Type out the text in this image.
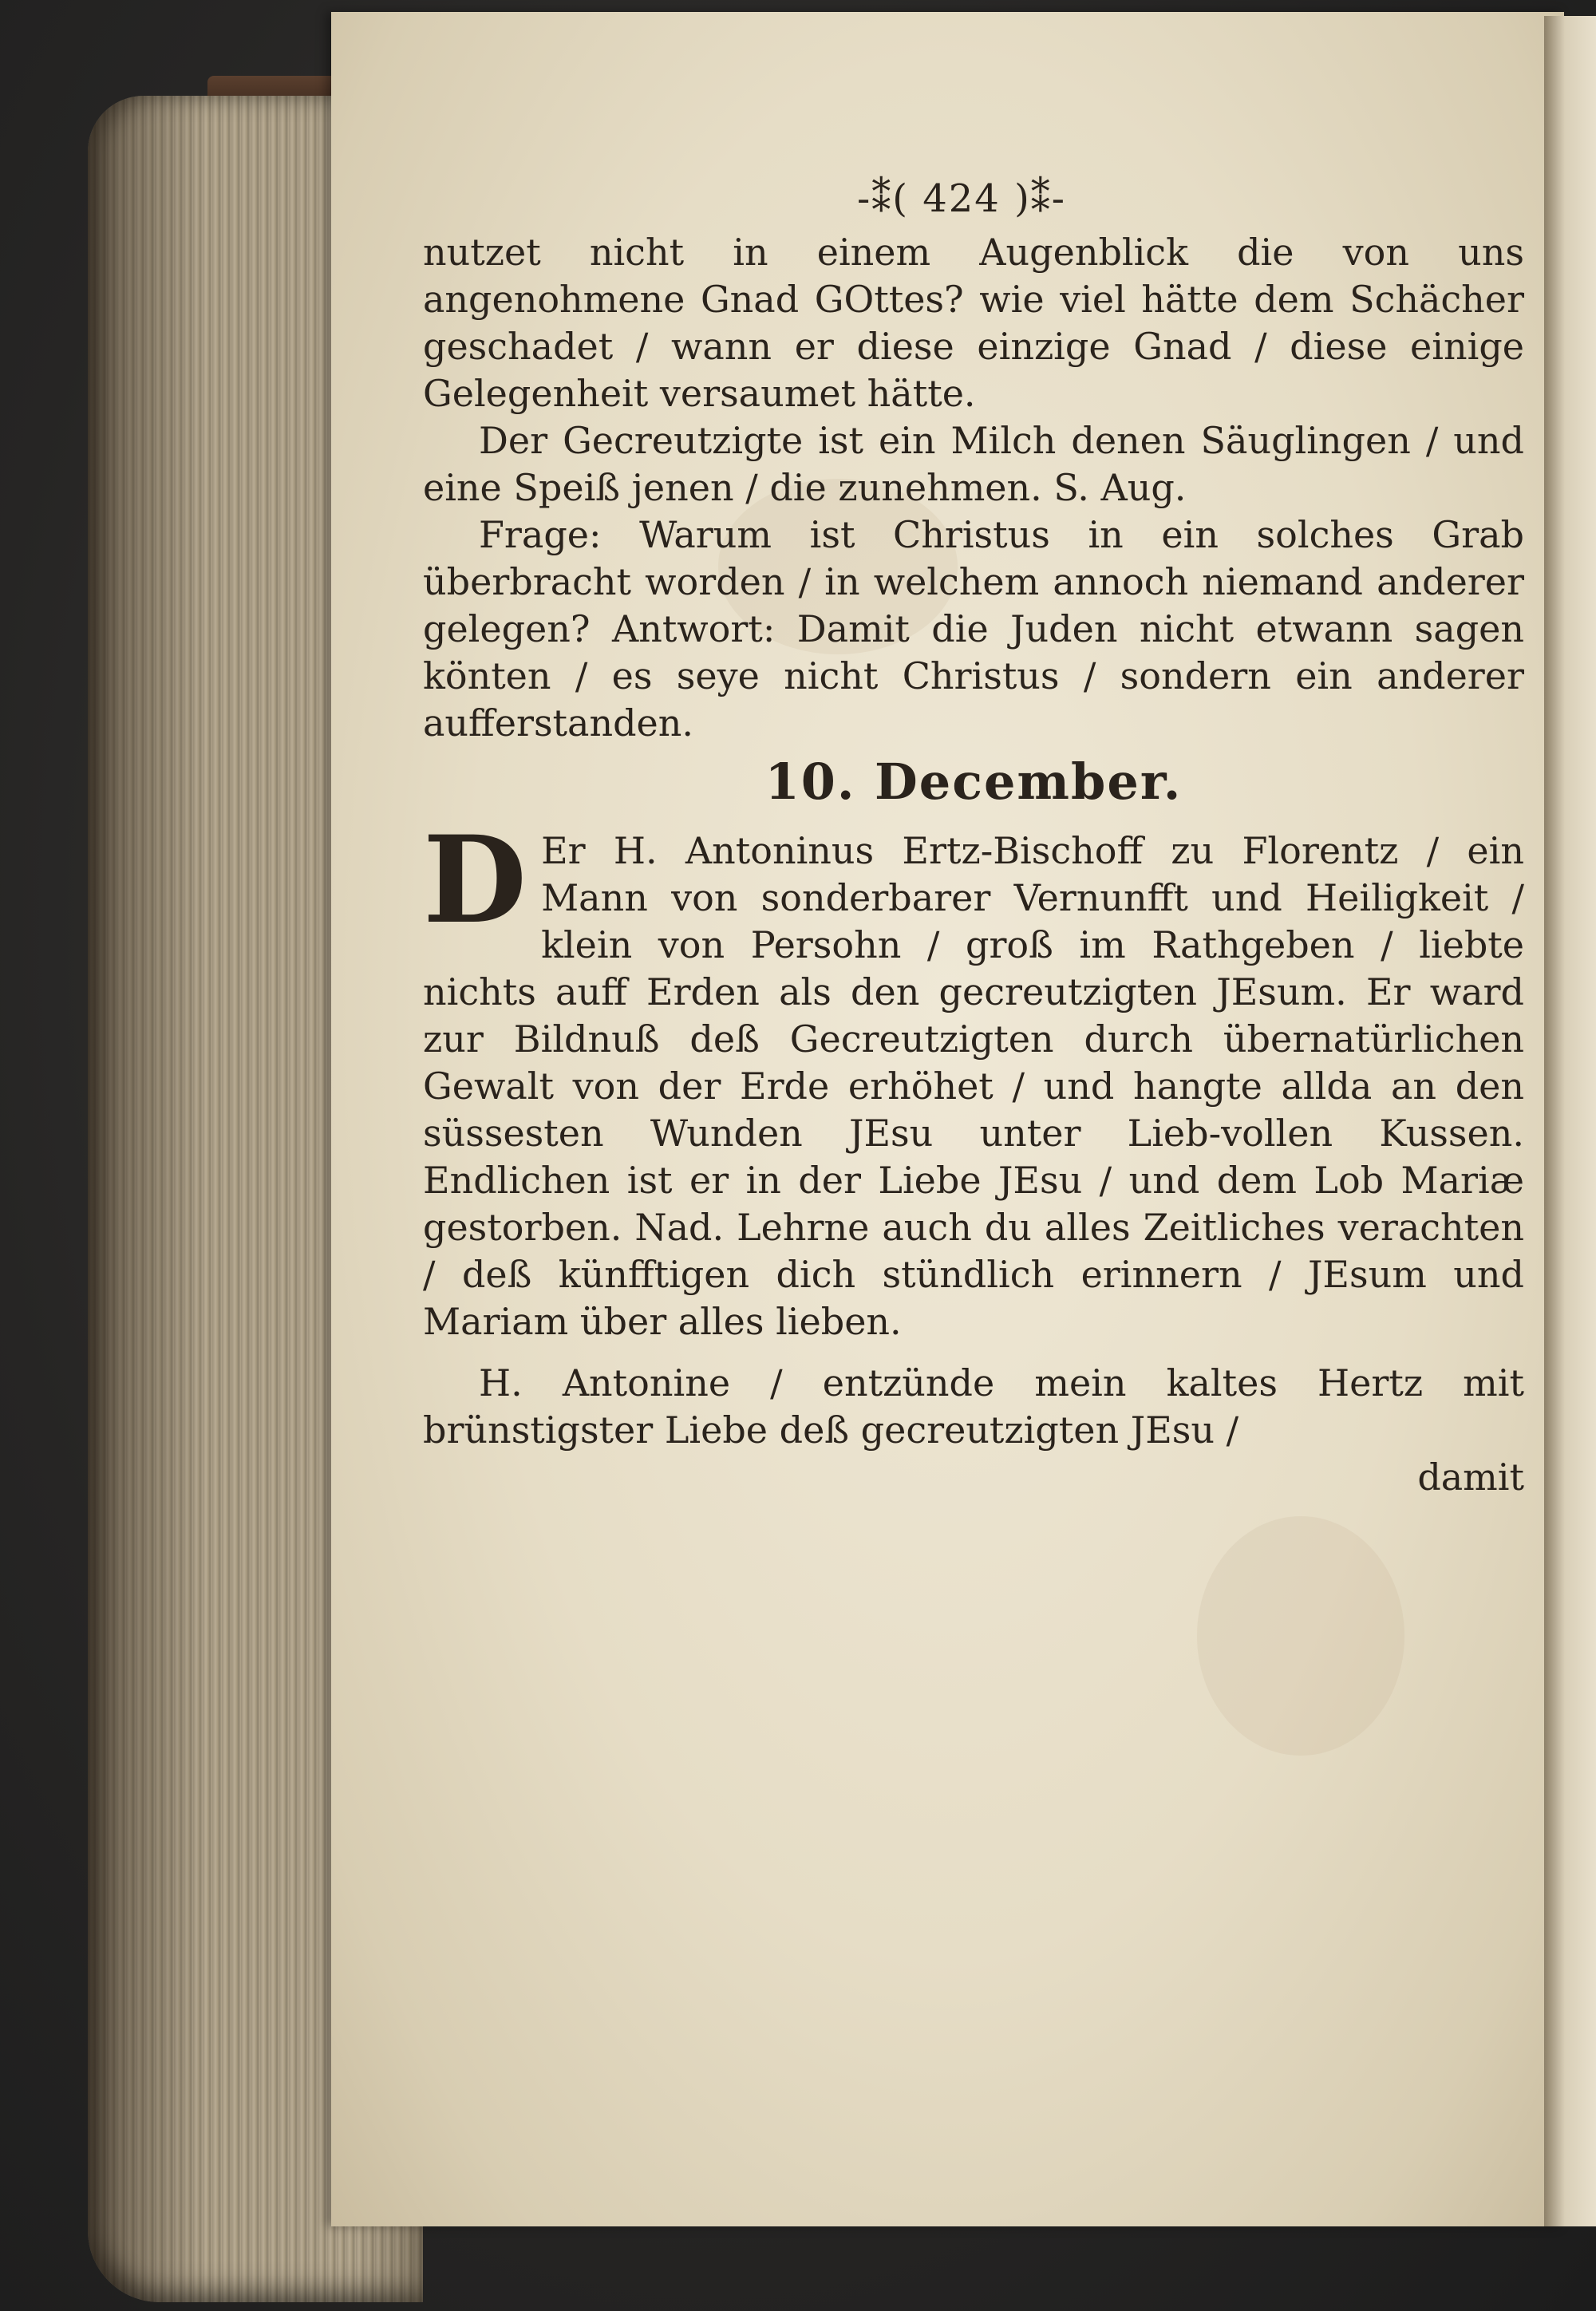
-⁑( 424 )⁑-

nutzet nicht in einem Augenblick die von uns angenohmene Gnad GOttes? wie viel hätte dem Schächer geschadet / wann er diese einzige Gnad / diese einige Gelegenheit versaumet hätte.

Der Gecreutzigte ist ein Milch denen Säuglingen / und eine Speiß jenen / die zunehmen. S. Aug.

Frage: Warum ist Christus in ein solches Grab überbracht worden / in welchem annoch niemand anderer gelegen? Antwort: Damit die Juden nicht etwann sagen könten / es seye nicht Christus / sondern ein anderer aufferstanden.

10. December.

D Er H. Antoninus Ertz-Bischoff zu Florentz / ein Mann von sonderbarer Vernunfft und Heiligkeit / klein von Persohn / groß im Rathgeben / liebte nichts auff Erden als den gecreutzigten JEsum. Er ward zur Bildnuß deß Gecreutzigten durch übernatürlichen Gewalt von der Erde erhöhet / und hangte allda an den süssesten Wunden JEsu unter Lieb-vollen Kussen. Endlichen ist er in der Liebe JEsu / und dem Lob Mariæ gestorben. Nad. Lehrne auch du alles Zeitliches verachten / deß künfftigen dich stündlich erinnern / JEsum und Mariam über alles lieben.

H. Antonine / entzünde mein kaltes Hertz mit brünstigster Liebe deß gecreutzigten JEsu /

damit
